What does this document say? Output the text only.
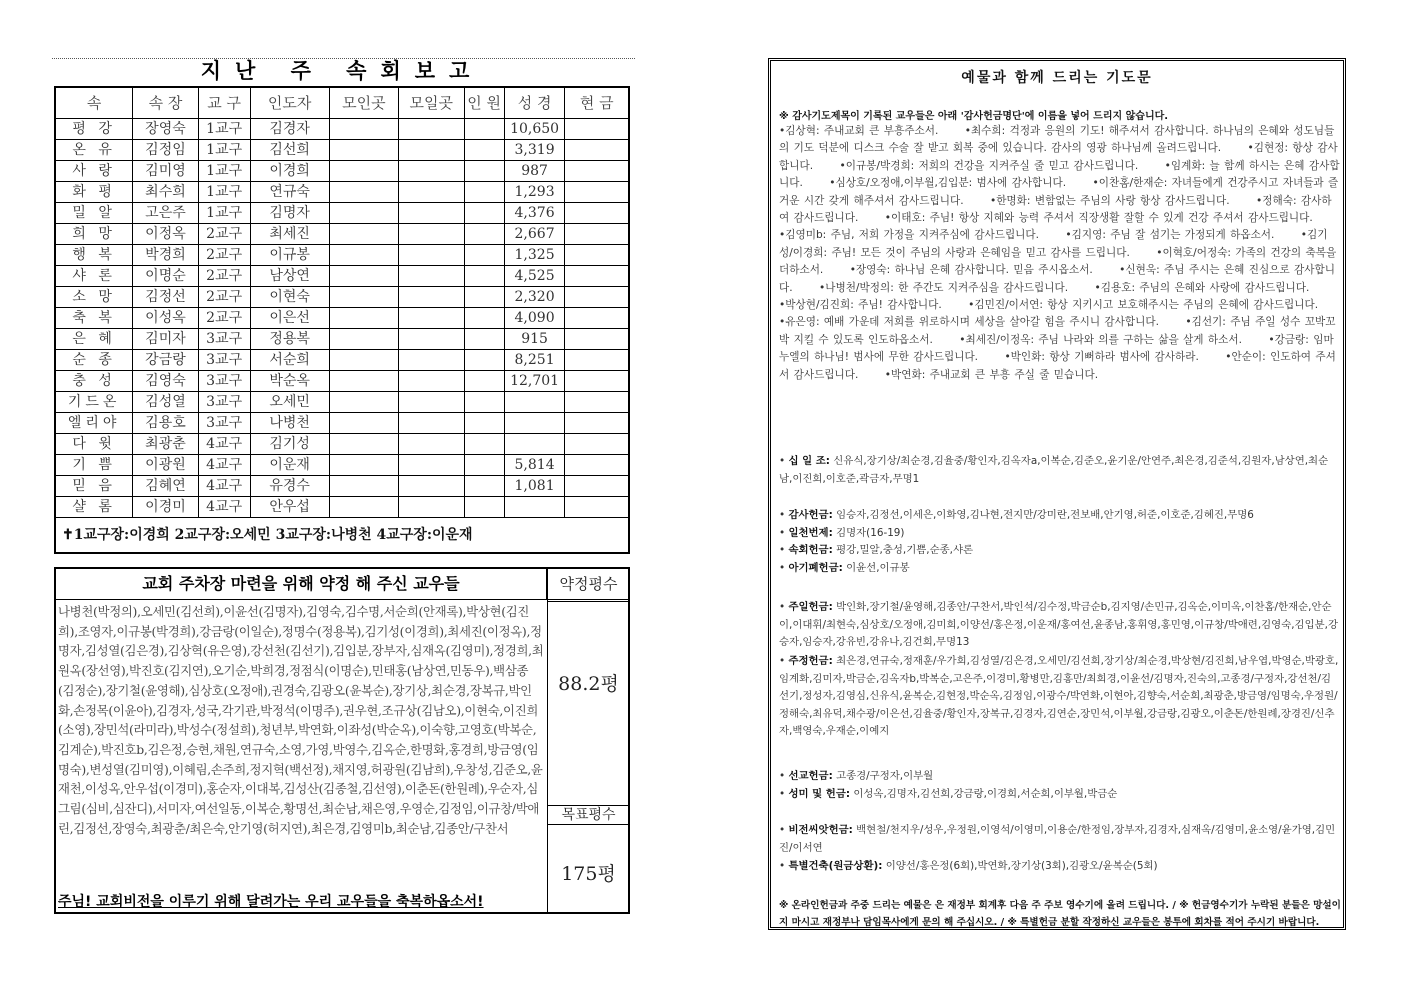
지난 주 속회보고
속	속 장	교 구	인도자	모인곳	모일곳	인 원	성 경	현 금
평 강	장영숙	1교구	김경자				10,650	
온 유	김정임	1교구	김선희				3,319	
사 랑	김미영	1교구	이경희				987	
화 평	최수희	1교구	연규숙				1,293	
밀 알	고은주	1교구	김명자				4,376	
희 망	이정옥	2교구	최세진				2,667	
행 복	박경희	2교구	이규봉				1,325	
샤 론	이명순	2교구	남상연				4,525	
소 망	김정선	2교구	이현숙				2,320	
축 복	이성옥	2교구	이은선				4,090	
은 혜	김미자	3교구	정용복				915	
순 종	강금랑	3교구	서순희				8,251	
충 성	김영숙	3교구	박순옥				12,701	
기드온	김성열	3교구	오세민					
엘리야	김용호	3교구	나병천					
다 윗	최광춘	4교구	김기성					
기 쁨	이광원	4교구	이운재				5,814	
믿 음	김혜연	4교구	유경수				1,081	
샬 롬	이경미	4교구	안우섭					
✝1교구장:이경희 2교구장:오세민 3교구장:나병천 4교구장:이운재								
교회 주차장 마련을 위해 약정 해 주신 교우들
나병천(박정의),오세민(김선희),이윤선(김명자),김영숙,김수명,서순희(안재록),박상현(김진희),조영자,이규봉(박경희),강금랑(이일순),정명수(정용복),김기성(이경희),최세진(이정옥),정명자,김성열(김은경),김상혁(유은영),강선천(김선기),김입분,장부자,심재옥(김영미),정경희,최원옥(장선영),박진호(김지연),오기순,박희경,정점식(이명순),민태홍(남상연,민동우),백삼종(김정순),장기철(윤영해),심상호(오정애),권경숙,김광오(윤복순),장기상,최순경,장복규,박인화,손정목(이윤아),김경자,성국,각기관,박정석(이명주),권우현,조규상(김남오),이현숙,이진희(소영),장민석(라미라),박성수(정설희),청년부,박연화,이좌성(박순옥),이숙향,고영호(박복순,김계순),박진호b,김은정,승현,채원,연규숙,소영,가영,박영수,김옥순,한명화,홍경희,방금영(임명숙),변성열(김미영),이혜림,손주희,정지혁(백선정),채지영,허광원(김남희),우창성,김준오,윤재천,이성옥,안우섭(이경미),홍순자,이대복,김성산(김종철,김선영),이춘돈(한원례),우순자,심그림(심비,심잔디),서미자,여선일동,이복순,황명선,최순남,채은영,우영순,김정임,이규창/박애린,김정선,장영숙,최광춘/최은숙,안기영(허지연),최은경,김영미b,최순남,김종안/구찬서
주님! 교회비전을 이루기 위해 달려가는 우리 교우들을 축복하옵소서!
약정평수
88.2평
목표평수
175평
예물과 함께 드리는 기도문
※ 감사기도제목이 기록된 교우들은 아래 '감사헌금명단'에 이름을 넣어 드리지 않습니다.
•김상혁: 주내교회 큰 부흥주소서. •최수희: 걱정과 응원의 기도! 해주셔서 감사합니다. 하나님의 은혜와 성도님들의 기도 덕분에 디스크 수술 잘 받고 회복 중에 있습니다. 감사의 영광 하나님께 올려드립니다. •김현정: 항상 감사합니다. •이규봉/박경희: 저희의 건강을 지켜주실 줄 믿고 감사드립니다. •임계화: 늘 함께 하시는 은혜 감사합니다. •심상호/오정애,이부월,김입분: 범사에 감사합니다. •이찬홈/한재순: 자녀들에게 건강주시고 자녀들과 즐거운 시간 갖게 해주셔서 감사드립니다. •한명화: 변함없는 주님의 사랑 항상 감사드립니다. •정해숙: 감사하여 감사드립니다. •이태호: 주님! 항상 지혜와 능력 주셔서 직장생활 잘할 수 있게 건강 주셔서 감사드립니다. •김영미b: 주님, 저희 가정을 지켜주심에 감사드립니다. •김지영: 주님 잘 섬기는 가정되게 하옵소서. •김기성/이경희: 주님! 모든 것이 주님의 사랑과 은혜임을 믿고 감사를 드립니다. •이혁호/어정숙: 가족의 건강의 축복을 더하소서. •장영숙: 하나님 은혜 감사합니다. 믿음 주시옵소서. •신현욱: 주님 주시는 은혜 진심으로 감사합니다. •나병천/박정의: 한 주간도 지켜주심을 감사드립니다. •김용호: 주님의 은혜와 사랑에 감사드립니다. •박상현/김진희: 주님! 감사합니다. •김민진/이서연: 항상 지키시고 보호해주시는 주님의 은혜에 감사드립니다. •유은영: 예배 가운데 저희를 위로하시며 세상을 살아갈 힘을 주시니 감사합니다. •김선기: 주님 주일 성수 꼬박꼬박 지킬 수 있도록 인도하옵소서. •최세진/이정옥: 주님 나라와 의를 구하는 삶을 살게 하소서. •강금랑: 임마누엘의 하나님! 범사에 무한 감사드립니다. •박인화: 항상 기뻐하라 범사에 감사하라. •안순이: 인도하여 주셔서 감사드립니다. •박연화: 주내교회 큰 부흥 주실 줄 믿습니다.
• 십 일 조: 신유식,장기상/최순경,김율중/황인자,김옥자a,이복순,김준오,윤기운/안연주,최은경,김준석,김원자,남상연,최순남,이진희,이호준,곽금자,무명1
• 감사헌금: 임승자,김정선,이세은,이화영,김나현,전지만/강미란,전보배,안기영,허준,이호준,김혜진,무명6
• 일천번제: 김명자(16-19)
• 속회헌금: 평강,밀알,충성,기쁨,순종,샤론
• 아기폐헌금: 이윤선,이규봉
• 주일헌금: 박인화,장기철/윤영해,김종안/구찬서,박인석/김수정,박금순b,김지영/손민규,김옥순,이미옥,이찬홈/한재순,안순이,이대휘/최현숙,심상호/오정애,김미희,이양선/홍은정,이운재/홍여선,윤종남,홍휘영,홍민영,이규창/박애련,김영숙,김입분,강승자,임승자,강유빈,강유나,김건희,무명13
• 주정헌금: 최은경,연규숙,정재훈/우가희,김성열/김은경,오세민/김선희,장기상/최순경,박상현/김진희,남우엽,박영순,박광호,임계화,김미자,박금순,김옥자b,박복순,고은주,이경미,황병만,김홍만/최희경,이윤선/김명자,진숙의,고종경/구정자,강선천/김선기,정성자,김영심,신유식,윤복순,김현정,박순옥,김정임,이광수/박연화,이현아,김향숙,서순희,최광춘,방금영/임명숙,우정원/정해숙,최유덕,채수광/이은선,김율중/황인자,장복규,김경자,김연순,장민석,이부월,강금랑,김광오,이춘돈/한원례,장경진/신추자,백영숙,우재순,이예지
• 선교헌금: 고종경/구정자,이부월
• 성미 및 헌금: 이성옥,김명자,김선희,강금랑,이경희,서순희,이부월,박금순
• 비전씨앗헌금: 백현철/천지우/성우,우정원,이영석/이영미,이용순/한정임,장부자,김경자,심재옥/김영미,윤소영/윤가영,김민진/이서연
• 특별건축(원금상환): 이양선/홍은정(6회),박연화,장기상(3회),김광오/윤복순(5회)
※ 온라인헌금과 주중 드리는 예물은 은 재정부 회계후 다음 주 주보 영수기에 올려 드립니다. / ※ 헌금영수기가 누락된 분들은 망설이지 마시고 재정부나 담임목사에게 문의 해 주십시오. / ※ 특별헌금 분할 작정하신 교우들은 봉투에 회차를 적어 주시기 바랍니다.
